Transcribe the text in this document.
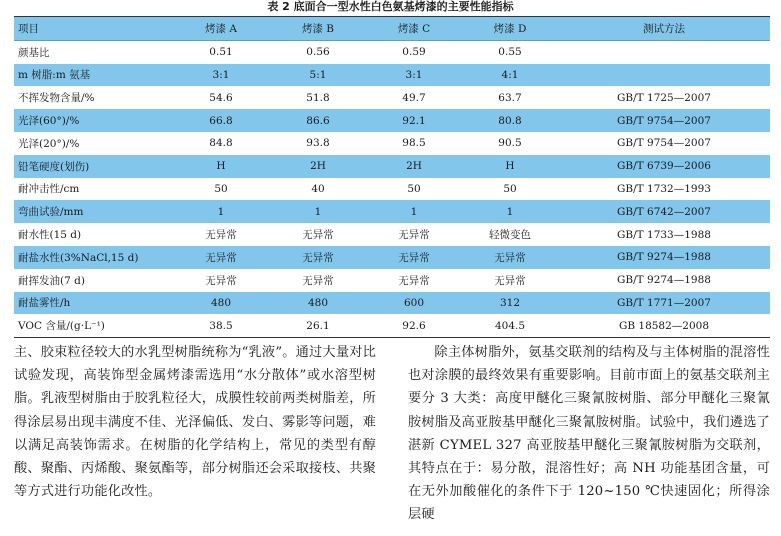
表 2 底面合一型水性白色氨基烤漆的主要性能指标
项目	烤漆 A	烤漆 B	烤漆 C	烤漆 D	测试方法
颜基比	0.51	0.56	0.59	0.55	
m 树脂:m 氨基	3:1	5:1	3:1	4:1	
不挥发物含量/%	54.6	51.8	49.7	63.7	GB/T 1725—2007
光泽(60°)/%	66.8	86.6	92.1	80.8	GB/T 9754—2007
光泽(20°)/%	84.8	93.8	98.5	90.5	GB/T 9754—2007
铅笔硬度(划伤)	H	2H	2H	H	GB/T 6739—2006
耐冲击性/cm	50	40	50	50	GB/T 1732—1993
弯曲试验/mm	1	1	1	1	GB/T 6742—2007
耐水性(15 d)	无异常	无异常	无异常	轻微变色	GB/T 1733—1988
耐盐水性(3%NaCl,15 d)	无异常	无异常	无异常	无异常	GB/T 9274—1988
耐挥发油(7 d)	无异常	无异常	无异常	无异常	GB/T 9274—1988
耐盐雾性/h	480	480	600	312	GB/T 1771—2007
VOC 含量/(g·L⁻¹)	38.5	26.1	92.6	404.5	GB 18582—2008

主、胶束粒径较大的水乳型树脂统称为“乳液”。通过大量对比试验发现，高装饰型金属烤漆需选用“水分散体”或水溶型树脂。乳液型树脂由于胶乳粒径大，成膜性较前两类树脂差，所得涂层易出现丰满度不佳、光泽偏低、发白、雾影等问题，难以满足高装饰需求。在树脂的化学结构上，常见的类型有醇酸、聚酯、丙烯酸、聚氨酯等，部分树脂还会采取接枝、共聚等方式进行功能化改性。

除主体树脂外，氨基交联剂的结构及与主体树脂的混溶性也对涂膜的最终效果有重要影响。目前市面上的氨基交联剂主要分 3 大类：高度甲醚化三聚氰胺树脂、部分甲醚化三聚氰胺树脂及高亚胺基甲醚化三聚氰胺树脂。试验中，我们遴选了湛新 CYMEL 327 高亚胺基甲醚化三聚氰胺树脂为交联剂，其特点在于：易分散，混溶性好；高 NH 功能基团含量，可在无外加酸催化的条件下于 120~150 ℃快速固化；所得涂层硬
